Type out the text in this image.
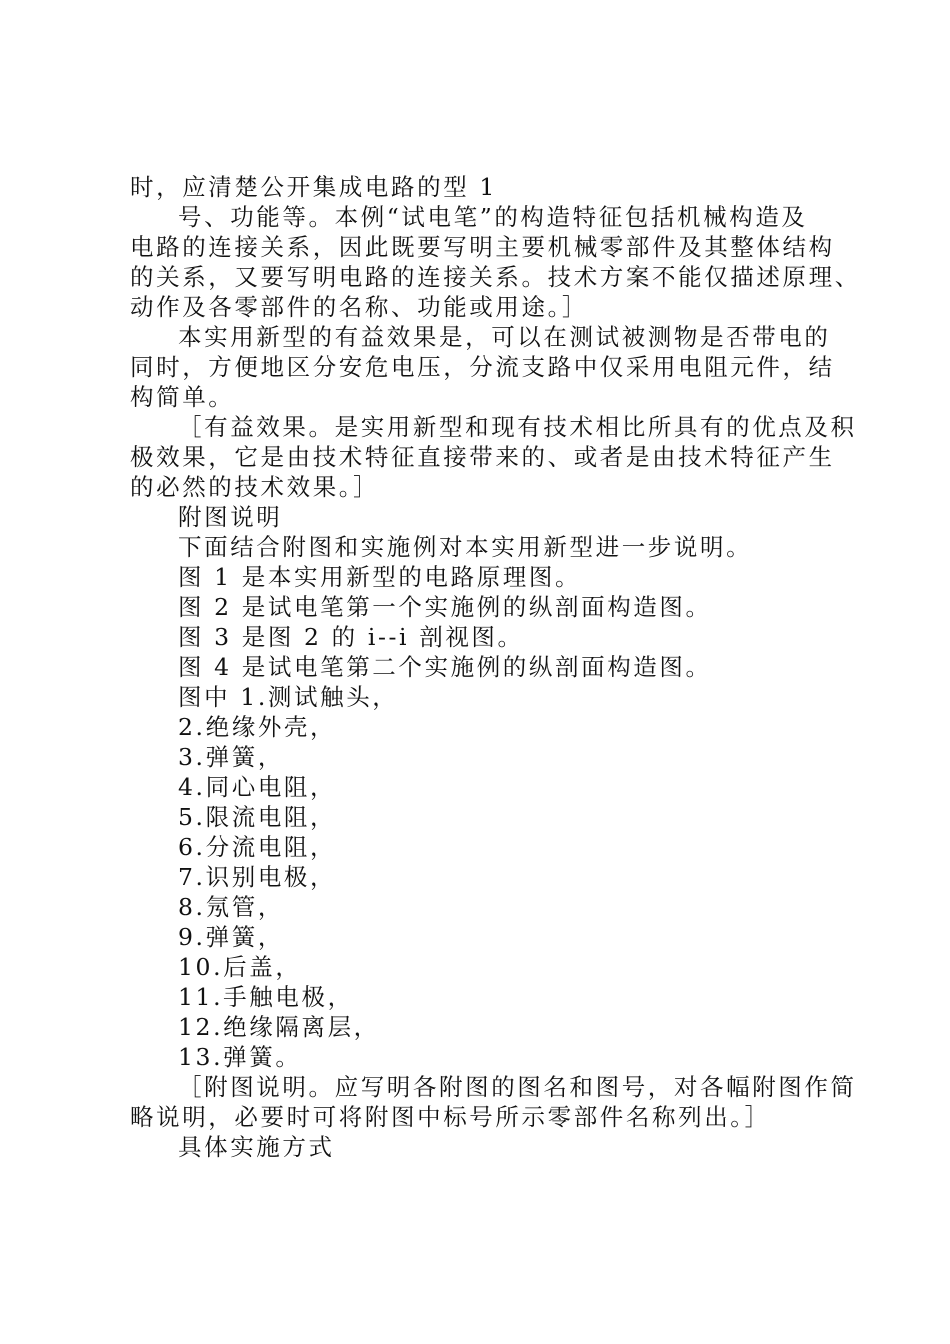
时，应清楚公开集成电路的型 1
号、功能等。本例“试电笔”的构造特征包括机械构造及
电路的连接关系，因此既要写明主要机械零部件及其整体结构
的关系，又要写明电路的连接关系。技术方案不能仅描述原理、
动作及各零部件的名称、功能或用途。］
本实用新型的有益效果是，可以在测试被测物是否带电的
同时，方便地区分安危电压，分流支路中仅采用电阻元件，结
构简单。
［有益效果。是实用新型和现有技术相比所具有的优点及积
极效果，它是由技术特征直接带来的、或者是由技术特征产生
的必然的技术效果。］
附图说明
下面结合附图和实施例对本实用新型进一步说明。
图 1 是本实用新型的电路原理图。
图 2 是试电笔第一个实施例的纵剖面构造图。
图 3 是图 2 的 i--i 剖视图。
图 4 是试电笔第二个实施例的纵剖面构造图。
图中 1.测试触头，
2.绝缘外壳，
3.弹簧，
4.同心电阻，
5.限流电阻，
6.分流电阻，
7.识别电极，
8.氖管，
9.弹簧，
10.后盖，
11.手触电极，
12.绝缘隔离层，
13.弹簧。
［附图说明。应写明各附图的图名和图号，对各幅附图作简
略说明，必要时可将附图中标号所示零部件名称列出。］
具体实施方式
